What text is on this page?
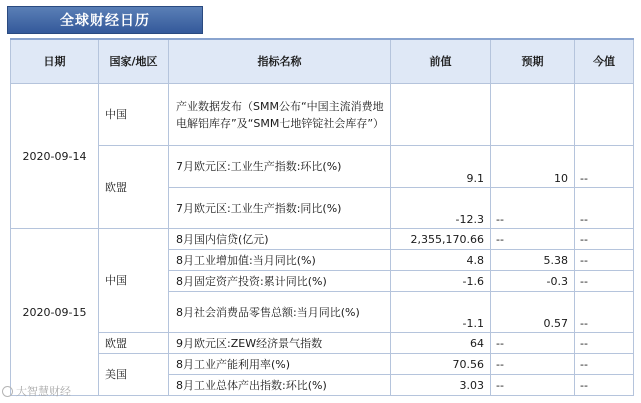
全球财经日历
日期	国家/地区	指标名称	前值	预期	今值
2020-09-14	中国	产业数据发布（SMM公布“中国主流消费地电解铝库存”及“SMM七地锌锭社会库存”）			
	欧盟	7月欧元区:工业生产指数:环比(%)	9.1	10	--
		7月欧元区:工业生产指数:同比(%)	-12.3	--	--
2020-09-15	中国	8月国内信贷(亿元)	2,355,170.66	--	--
		8月工业增加值:当月同比(%)	4.8	5.38	--
		8月固定资产投资:累计同比(%)	-1.6	-0.3	--
		8月社会消费品零售总额:当月同比(%)	-1.1	0.57	--
	欧盟	9月欧元区:ZEW经济景气指数	64	--	--
	美国	8月工业产能利用率(%)	70.56	--	--
		8月工业总体产出指数:环比(%)	3.03	--	--
大智慧财经
